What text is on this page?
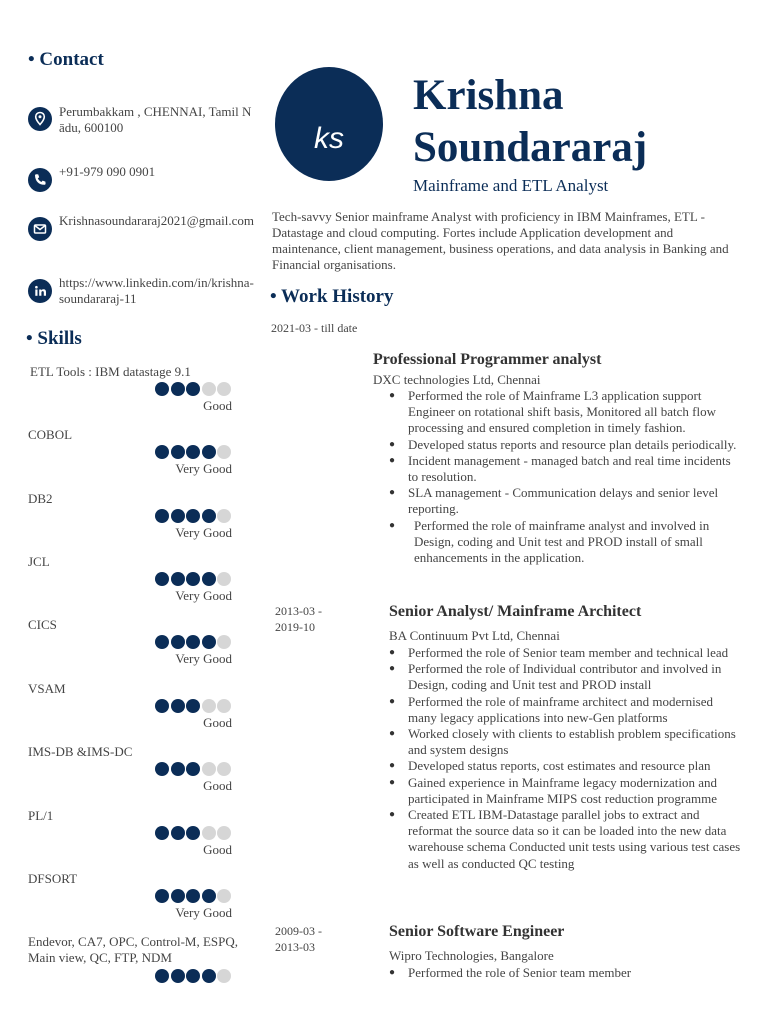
• Contact
Perumbakkam , CHENNAI, Tamil Nādu, 600100
+91-979 090 0901
Krishnasoundararaj2021@gmail.com
https://www.linkedin.com/in/krishna-soundararaj-11
• Skills
ETL Tools : IBM datastage 9.1
Good
COBOL
Very Good
DB2
Very Good
JCL
Very Good
CICS
Very Good
VSAM
Good
IMS-DB &IMS-DC
Good
PL/1
Good
DFSORT
Very Good
Endevor, CA7, OPC, Control-M, ESPQ, Main view, QC, FTP, NDM
ks
Krishna Soundararaj
Mainframe and ETL Analyst

Tech-savvy Senior mainframe Analyst with proficiency in IBM Mainframes, ETL - Datastage and cloud computing. Fortes include Application development and maintenance, client management, business operations, and data analysis in Banking and Financial organisations.

• Work History
2021-03 - till date
Professional Programmer analyst
DXC technologies Ltd, Chennai
● Performed the role of Mainframe L3 application support Engineer on rotational shift basis, Monitored all batch flow processing and ensured completion in timely fashion.
● Developed status reports and resource plan details periodically.
● Incident management - managed batch and real time incidents to resolution.
● SLA management - Communication delays and senior level reporting.
● Performed the role of mainframe analyst and involved in Design, coding and Unit test and PROD install of small enhancements in the application.
2013-03 - 2019-10
Senior Analyst/ Mainframe Architect
BA Continuum Pvt Ltd, Chennai
● Performed the role of Senior team member and technical lead
● Performed the role of Individual contributor and involved in Design, coding and Unit test and PROD install
● Performed the role of mainframe architect and modernised many legacy applications into new-Gen platforms
● Worked closely with clients to establish problem specifications and system designs
● Developed status reports, cost estimates and resource plan
● Gained experience in Mainframe legacy modernization and participated in Mainframe MIPS cost reduction programme
● Created ETL IBM-Datastage parallel jobs to extract and reformat the source data so it can be loaded into the new data warehouse schema Conducted unit tests using various test cases as well as conducted QC testing
2009-03 - 2013-03
Senior Software Engineer
Wipro Technologies, Bangalore
● Performed the role of Senior team member
